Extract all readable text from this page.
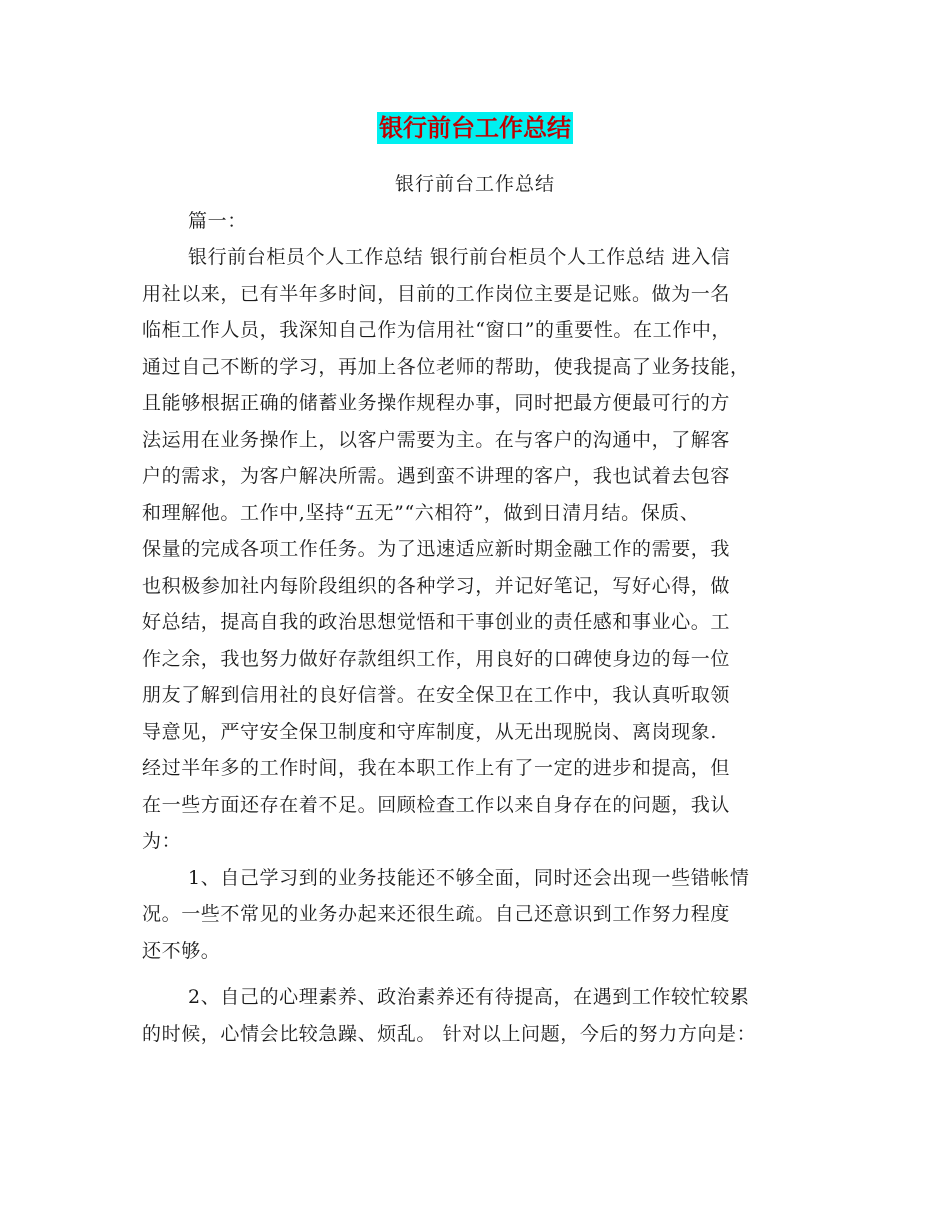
银行前台工作总结
银行前台工作总结
篇一：
银行前台柜员个人工作总结 银行前台柜员个人工作总结 进入信
用社以来，已有半年多时间，目前的工作岗位主要是记账。做为一名
临柜工作人员，我深知自己作为信用社“窗口”的重要性。在工作中，
通过自己不断的学习，再加上各位老师的帮助，使我提高了业务技能，
且能够根据正确的储蓄业务操作规程办事，同时把最方便最可行的方
法运用在业务操作上，以客户需要为主。在与客户的沟通中，了解客
户的需求，为客户解决所需。遇到蛮不讲理的客户，我也试着去包容
和理解他。工作中,坚持“五无”“六相符”，做到日清月结。保质、
保量的完成各项工作任务。为了迅速适应新时期金融工作的需要，我
也积极参加社内每阶段组织的各种学习，并记好笔记，写好心得，做
好总结，提高自我的政治思想觉悟和干事创业的责任感和事业心。工
作之余，我也努力做好存款组织工作，用良好的口碑使身边的每一位
朋友了解到信用社的良好信誉。在安全保卫在工作中，我认真听取领
导意见，严守安全保卫制度和守库制度，从无出现脱岗、离岗现象.
经过半年多的工作时间，我在本职工作上有了一定的进步和提高，但
在一些方面还存在着不足。回顾检查工作以来自身存在的问题，我认
为：
1、自己学习到的业务技能还不够全面，同时还会出现一些错帐情
况。一些不常见的业务办起来还很生疏。自己还意识到工作努力程度
还不够。
2、自己的心理素养、政治素养还有待提高，在遇到工作较忙较累
的时候，心情会比较急躁、烦乱。 针对以上问题，今后的努力方向是：
